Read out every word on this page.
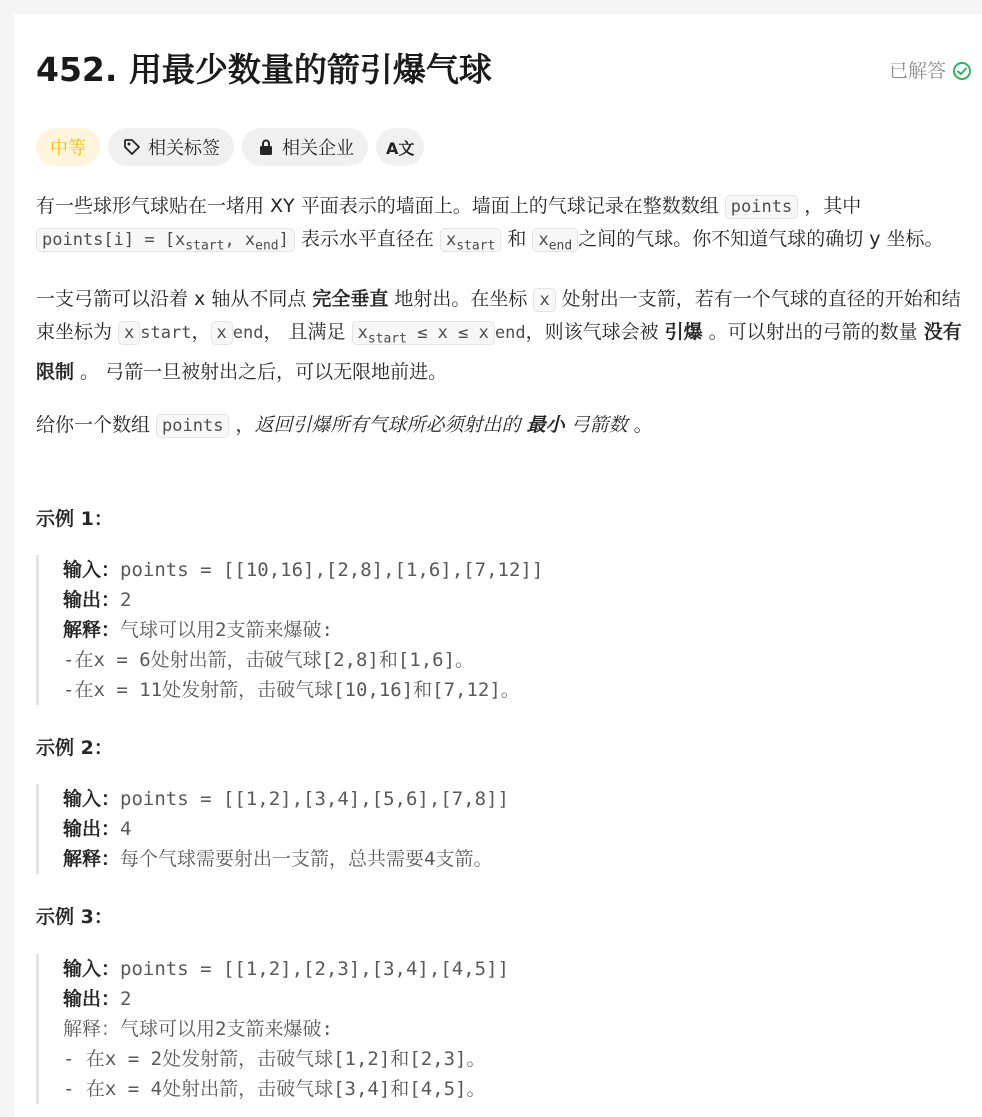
452. 用最少数量的箭引爆气球	已解答
中等	相关标签	相关企业 A文

有一些球形气球贴在一堵用 XY 平面表示的墙面上。墙面上的气球记录在整数数组 points ，其中 points[i] = [$x_{start}$, $x_{end}$] 表示水平直径在 $x_{start}$ 和 $x_{end}$ 之间的气球。你不知道气球的确切 y 坐标。

一支弓箭可以沿着 x 轴从不同点 完全垂直 地射出。在坐标 x 处射出一支箭，若有一个气球的直径的开始和结束坐标为 x start， x end， 且满足 $x_{start} \le x \le x$ end，则该气球会被 引爆 。可以射出的弓箭的数量 没有限制 。 弓箭一旦被射出之后，可以无限地前进。

给你一个数组 points ，返回引爆所有气球所必须射出的 最小 弓箭数 。

示例 1：
输入：points = [[10,16],[2,8],[1,6],[7,12]]
输出：2
解释：气球可以用2支箭来爆破:
-在x = 6处射出箭，击破气球[2,8]和[1,6]。
-在x = 11处发射箭，击破气球[10,16]和[7,12]。
示例 2：
输入：points = [[1,2],[3,4],[5,6],[7,8]]
输出：4
解释：每个气球需要射出一支箭，总共需要4支箭。
示例 3：
输入：points = [[1,2],[2,3],[3,4],[4,5]]
输出：2
解释：气球可以用2支箭来爆破:
- 在x = 2处发射箭，击破气球[1,2]和[2,3]。
- 在x = 4处射出箭，击破气球[3,4]和[4,5]。
